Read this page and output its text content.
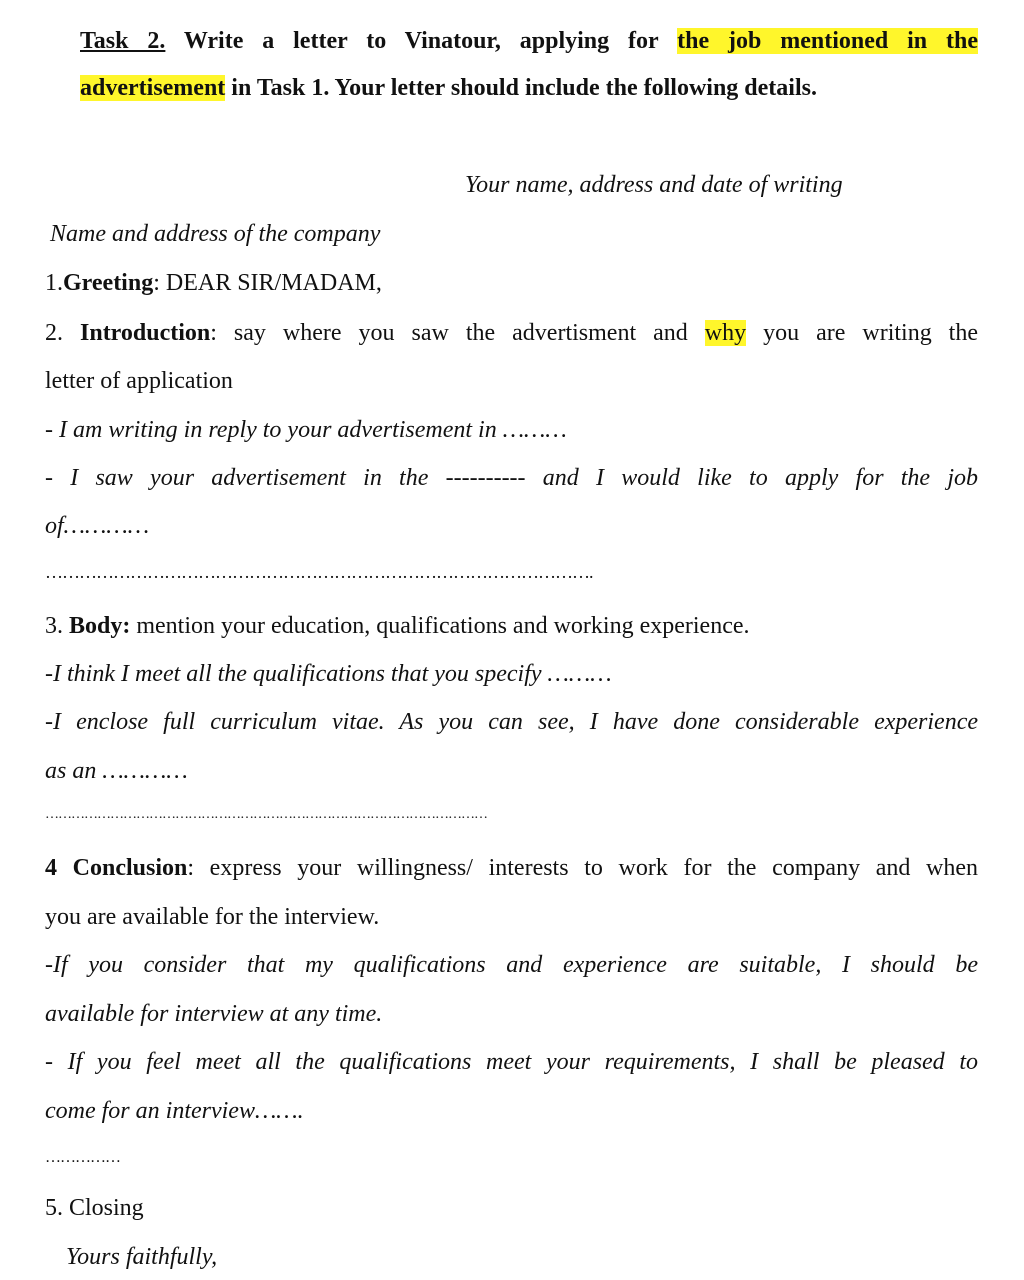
Task 2. Write a letter to Vinatour, applying for the job mentioned in the
advertisement in Task 1. Your letter should include the following details.
Your name, address and date of writing
Name and address of the company
1.Greeting: DEAR SIR/MADAM,
2. Introduction: say where you saw the advertisment and why you are writing the
letter of application
- I am writing in reply to your advertisement in ………
- I saw your advertisement in the ---------- and I would like to apply for the job
of…………
…………………………………………………………………………………….
3. Body: mention your education, qualifications and working experience.
-I think I meet all the qualifications that you specify ………
-I enclose full curriculum vitae. As you can see, I have done considerable experience
as an …………
…………………………………………………………………………………………
4 Conclusion: express your willingness/ interests to work for the company and when
you are available for the interview.
-If you consider that my qualifications and experience are suitable, I should be
available for interview at any time.
- If you feel meet all the qualifications meet your requirements, I shall be pleased to
come for an interview…….
……………
5. Closing
Yours faithfully,
